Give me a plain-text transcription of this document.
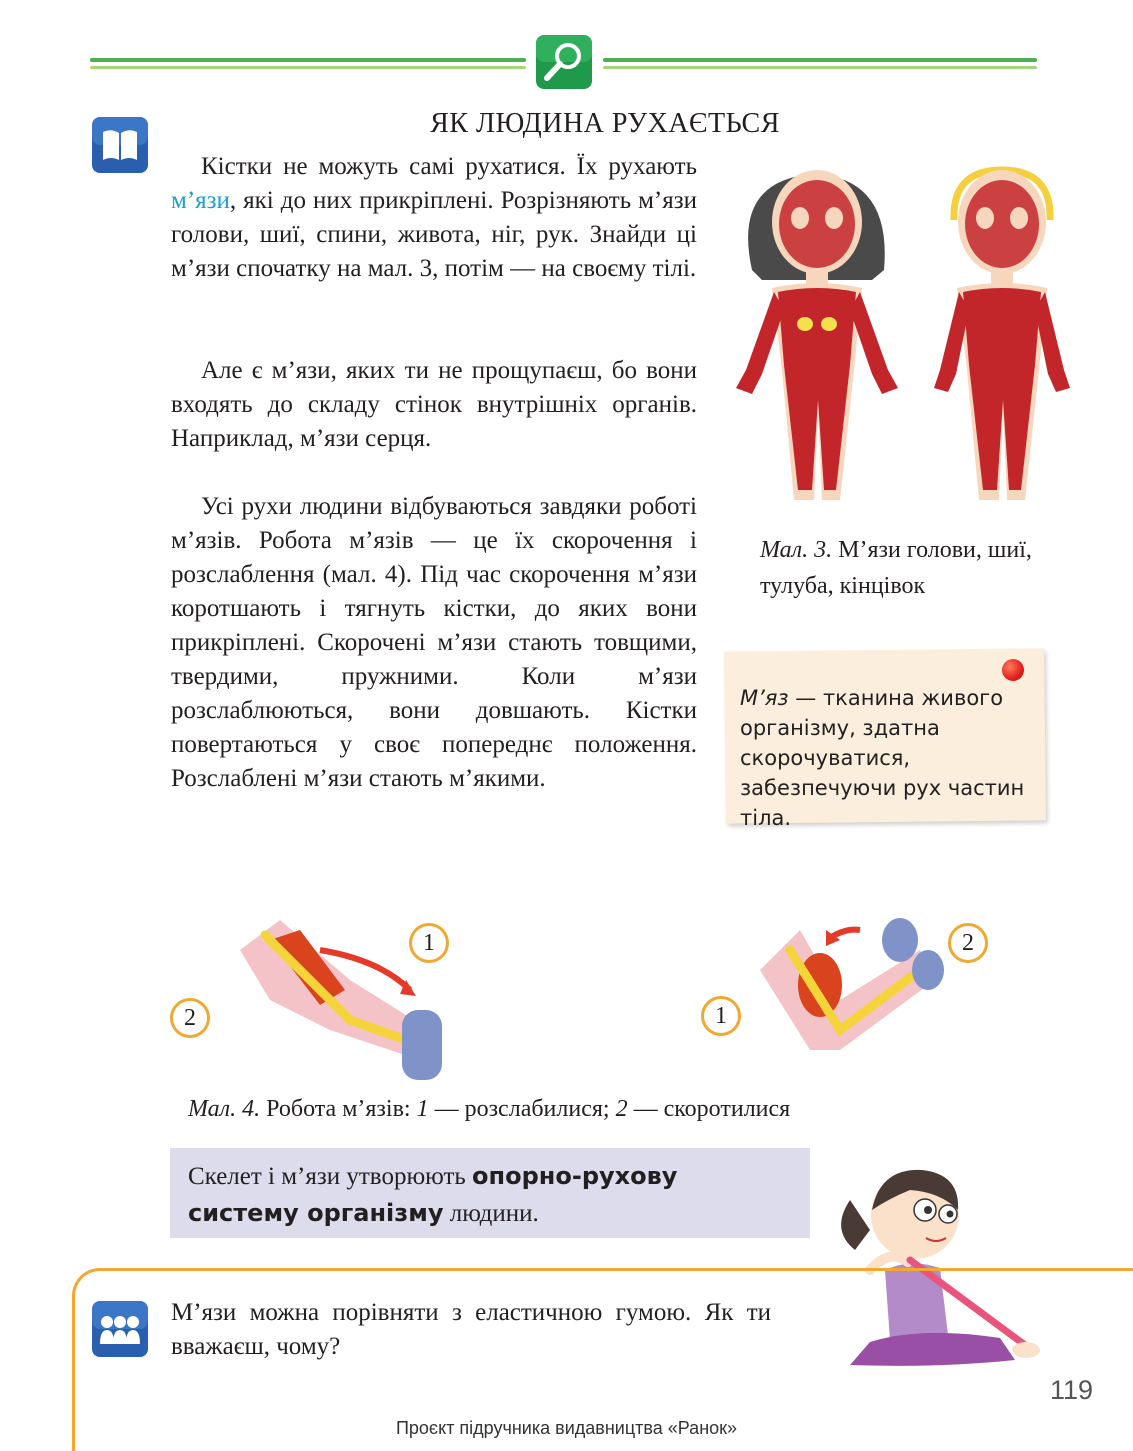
ЯК ЛЮДИНА РУХАЄТЬСЯ
Кістки не можуть самі рухатися. Їх рухають м’язи, які до них прикріплені. Розрізняють м’язи голови, шиї, спини, живота, ніг, рук. Знайди ці м’язи спочатку на мал. 3, потім — на своєму тілі.
Але є м’язи, яких ти не прощупаєш, бо вони входять до складу стінок внутрішніх органів. Наприклад, м’язи серця.
Усі рухи людини відбуваються завдяки роботі м’язів. Робота м’язів — це їх скорочення і розслаблення (мал. 4). Під час скорочення м’язи коротшають і тягнуть кістки, до яких вони прикріплені. Скорочені м’язи стають товщими, твердими, пружними. Коли м’язи розслаблюються, вони довшають. Кістки повертаються у своє попереднє положення. Розслаблені м’язи стають м’якими.
Мал. 3. М’язи голови, шиї, тулуба, кінцівок
М’яз — тканина живого організму, здатна скорочуватися, забезпечуючи рух частин тіла.
1
2
2
1
Мал. 4. Робота м’язів: 1 — розслабилися; 2 — скоротилися
Скелет і м’язи утворюють опорно-рухову
систему організму людини.
М’язи можна порівняти з еластичною гумою. Як ти вважаєш, чому?
119
Проєкт підручника видавництва «Ранок»
